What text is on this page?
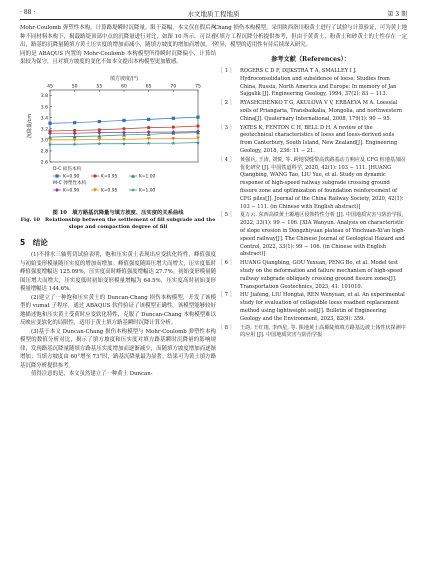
· 88 ·	水文地质工程地质	第 3 期

Mohr-Coulomb 弹塑性本构，计算路堤瞬时沉降量。限于篇幅，本文仅在假后两种不同材料本构下，揭载路堤顶部中点的沉降量进行对比，如图 10 所示。可以看出，路基的沉降量随填方黄土压实度的增加而减小，随填方坡度的增加而增加。不同的是 ABAQUS 内置的 Mohr-Coulomb 本构模型所得瞬时沉降偏小，计算结果较为保守，且对填方坡度的变化不如本文提出本构模型更加敏感。

2.6
2.8
3.0
3.2
3.4
3.6
3.8
45	50	55	60	65	70	75
填方坡度/(°)
沉降量/cm
D-C 损伤本构
M-C 弹塑性本构
K=0.90	K=0.95	K=1.00
K=0.90	K=0.95	K=1.00
图 10　填方路基沉降量与填方坡度、压实度的关系曲线
Fig. 10　Relationship between the settlement of fill subgrade and the slope and compaction degree of fill
5　结论

(1)不排水三轴剪切试验表明，饱和压实黄土表现出应变软化特性，峰值强度与初始变形模量随压实度的增加而增加。峰值强度随围压增大而增大，压实度低时峰值强度增幅达 125.09%，压实度高时峰值强度增幅达 27.7%。初始变形模量随围压增大而增大，压实度低时初始变形模量增幅为 64.5%，压实度高时初始变形模量增幅达 144.6%。

(2)建立了一种饱和压实黄土的 Duncan-Chang 损伤本构模型，开发了该模型的 vumat 子程序，通过 ABAQUS 软件验证了该模型正确性。该模型能够较好地描述饱和压实黄土受荷时应变软化特性，克服了 Duncan-Chang 本构模型难以反映应变软化的局限性，适用于黄土填方路基瞬时沉降计算分析。

(3)基于本文 Duncan-Chang 损伤本构模型与 Mohr-Coulomb 弹塑性本构模型的数值分析对比，揭示了填方坡度和压实度对填方路基瞬时沉降量的影响规律，发现路基沉降量随填方路基压实度增加而逐渐减少，而随填方坡度增加而逐渐增加；当填方坡度由 60°增至 73°时，路基沉降量最为显著。结果可为黄土填方路基沉降分析提供参考。

值得注意的是，本文虽然建立了一种黄土 Duncan-

Chang 损伤本构模型，采用陕西洛川粉黄土进行了试验与计算验证，可为黄土地区填方工程沉降分析提供参考，但由于黄黄土、粉黄土和砂黄土的土性存在一定差异，模型的适用性有待后续深入研究。

参考文献（References）：
［ 1 ］ ROGERS C D F, DIJKSTRA T A, SMALLEY I J. Hydroconsolidation and subsidence of loess: Studies from China, Russia, North America and Europe: In memory of Jan Sajgalik [J]. Engineering Geology, 1994, 37(2): 83 − 113.
［ 2 ］ RYASHCHENKO T G, AKULOVA V V, ERBAEVA M A. Loessial soils of Priangaria, Transbaikalia, Mongolia, and northwestern China[J]. Quaternary International, 2008, 179(1): 90 − 95.
［ 3 ］ YATES K, FENTON C H, BELL D H. A review of the geotechnical characteristics of loess and loess-derived soils from Canterbury, South Island, New Zealand[J]. Engineering Geology, 2018, 236: 11 − 21.
［ 4 ］ 黄强兵, 王涛, 刘悦, 等. 跨地裂缝带高铁路基动力响应及 CFG 桩地基加固优化研究 [J]. 中国铁道科学, 2020, 42(1): 103 − 111. [HUANG Qiangbing, WANG Tao, LIU Yue, et al. Study on dynamic response of high-speed railway subgrade crossing ground fissure zone and optimization of foundation reinforcement of CFG piles[J]. Journal of the China Railway Society, 2020, 42(1): 103 − 111. (in Chinese with English abstract)]
［ 5 ］ 夏万云. 东西高铁黄土塬地区侵蚀特性分析 [J]. 中国地质灾害与防治学报, 2022, 33(1): 99 − 106. [XIA Wanyun. Analysis on characteristic of slope erosion in Dongzhiyuan plateau of Yinchuan-Xi'an high-speed railway[J]. The Chinese Journal of Geological Hazard and Control, 2022, 33(1): 99 − 106. (in Chinese with English abstract)]
［ 6 ］ HUANG Qiangbing, GOU Yuxuan, PENG Bo, et al. Model test study on the deformation and failure mechanism of high-speed railway subgrade obliquely crossing ground fissure zones[J]. Transportation Geotechnics, 2023, 41: 101010.
［ 7 ］ HU Jiafeng, LIU Hongtai, REN Wenyuan, et al. An experimental study for evaluation of collapsible loess roadbed replacement method using lightweight soil[J]. Bulletin of Engineering Geology and the Environment, 2023, 82(9): 359.
［ 8 ］ 王韵, 王红雨, 李西星, 等. 陕地黄土高塬陡坡填方路基边坡土体性状探测中的应用 [J]. 中国地质灾害与防治学报
